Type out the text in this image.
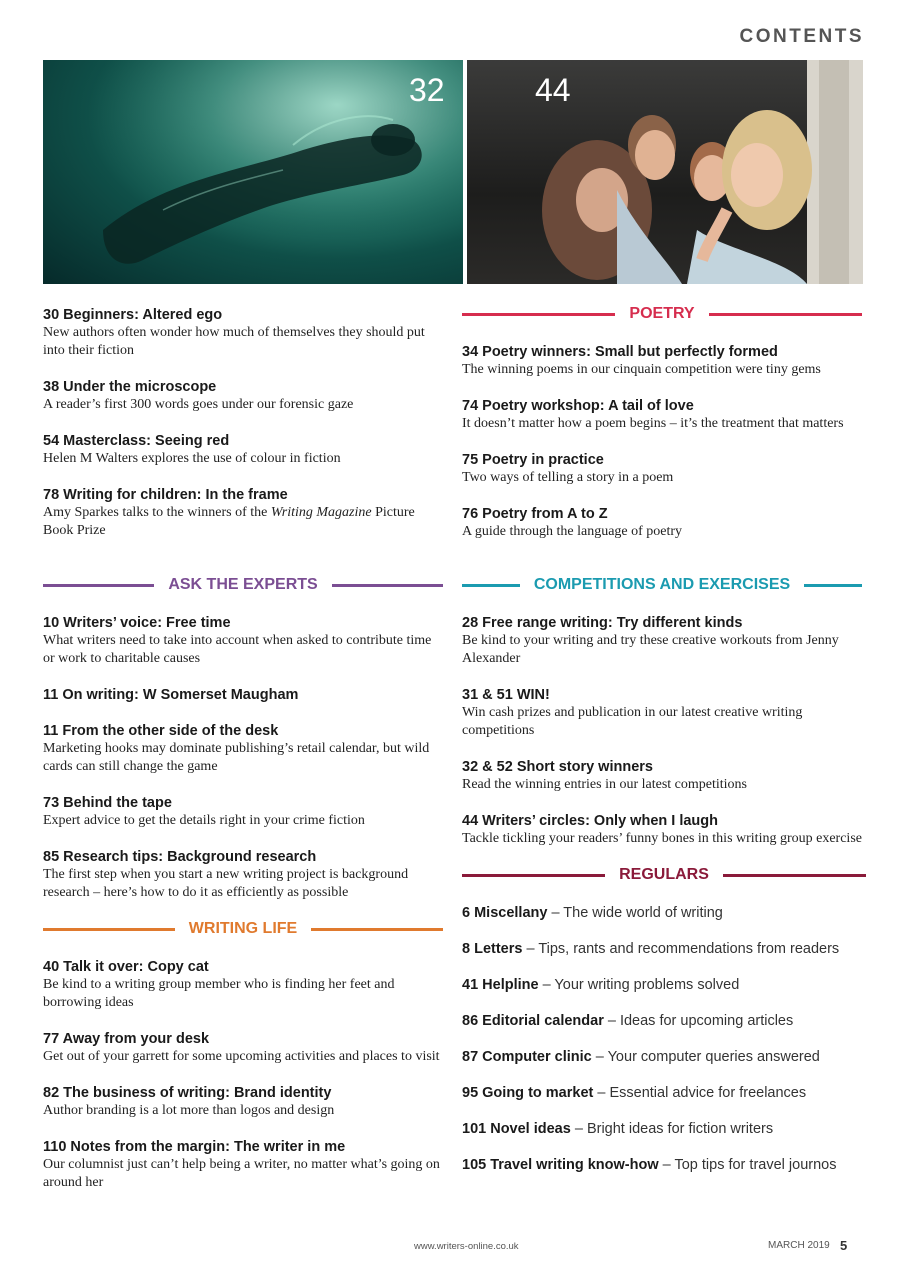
CONTENTS
32	44
30 Beginners: Altered ego
New authors often wonder how much of themselves they should put into their fiction
38 Under the microscope
A reader’s first 300 words goes under our forensic gaze
54 Masterclass: Seeing red
Helen M Walters explores the use of colour in fiction
78 Writing for children: In the frame
Amy Sparkes talks to the winners of the Writing Magazine Picture Book Prize
ASK THE EXPERTS
10 Writers’ voice: Free time
What writers need to take into account when asked to contribute time or work to charitable causes
11 On writing: W Somerset Maugham
11 From the other side of the desk
Marketing hooks may dominate publishing’s retail calendar, but wild cards can still change the game
73 Behind the tape
Expert advice to get the details right in your crime fiction
85 Research tips: Background research
The first step when you start a new writing project is background research – here’s how to do it as efficiently as possible
WRITING LIFE
40 Talk it over: Copy cat
Be kind to a writing group member who is finding her feet and borrowing ideas
77 Away from your desk
Get out of your garrett for some upcoming activities and places to visit
82 The business of writing: Brand identity
Author branding is a lot more than logos and design
110 Notes from the margin: The writer in me
Our columnist just can’t help being a writer, no matter what’s going on around her
POETRY
34 Poetry winners: Small but perfectly formed
The winning poems in our cinquain competition were tiny gems
74 Poetry workshop: A tail of love
It doesn’t matter how a poem begins – it’s the treatment that matters
75 Poetry in practice
Two ways of telling a story in a poem
76 Poetry from A to Z
A guide through the language of poetry
COMPETITIONS AND EXERCISES
28 Free range writing: Try different kinds
Be kind to your writing and try these creative workouts from Jenny Alexander
31 & 51 WIN!
Win cash prizes and publication in our latest creative writing competitions
32 & 52 Short story winners
Read the winning entries in our latest competitions
44 Writers’ circles: Only when I laugh
Tackle tickling your readers’ funny bones in this writing group exercise
REGULARS
6 Miscellany – The wide world of writing
8 Letters – Tips, rants and recommendations from readers
41 Helpline – Your writing problems solved
86 Editorial calendar – Ideas for upcoming articles
87 Computer clinic – Your computer queries answered
95 Going to market – Essential advice for freelances
101 Novel ideas – Bright ideas for fiction writers
105 Travel writing know-how – Top tips for travel journos
www.writers-online.co.uk	MARCH 2019 5
